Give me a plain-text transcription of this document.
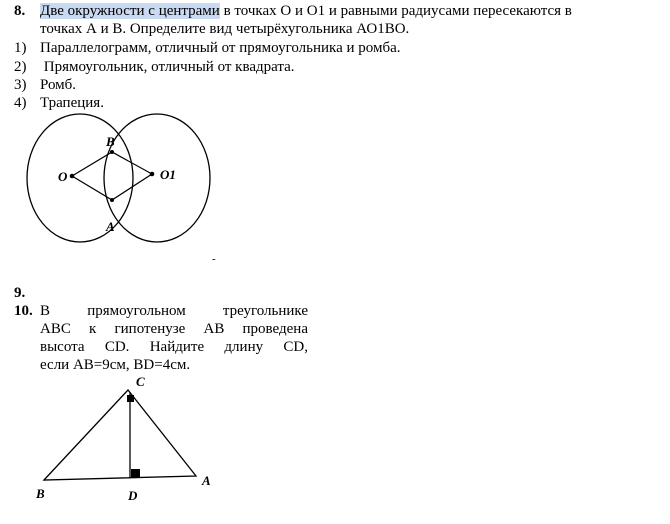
8. Две окружности с центрами в точках О и О1 и равными радиусами пересекаются в
точках А и В. Определите вид четырёхугольника АО1ВО.
1) Параллелограмм, отличный от прямоугольника и ромба.
2) Прямоугольник, отличный от квадрата.
3) Ромб.
4) Трапеция.
B
O	O1
A
C
B	D
A
-
9.
10. В прямоугольном треугольнике
АВС к гипотенузе АВ проведена
высота CD. Найдите длину CD,
если АВ=9см, BD=4см.
